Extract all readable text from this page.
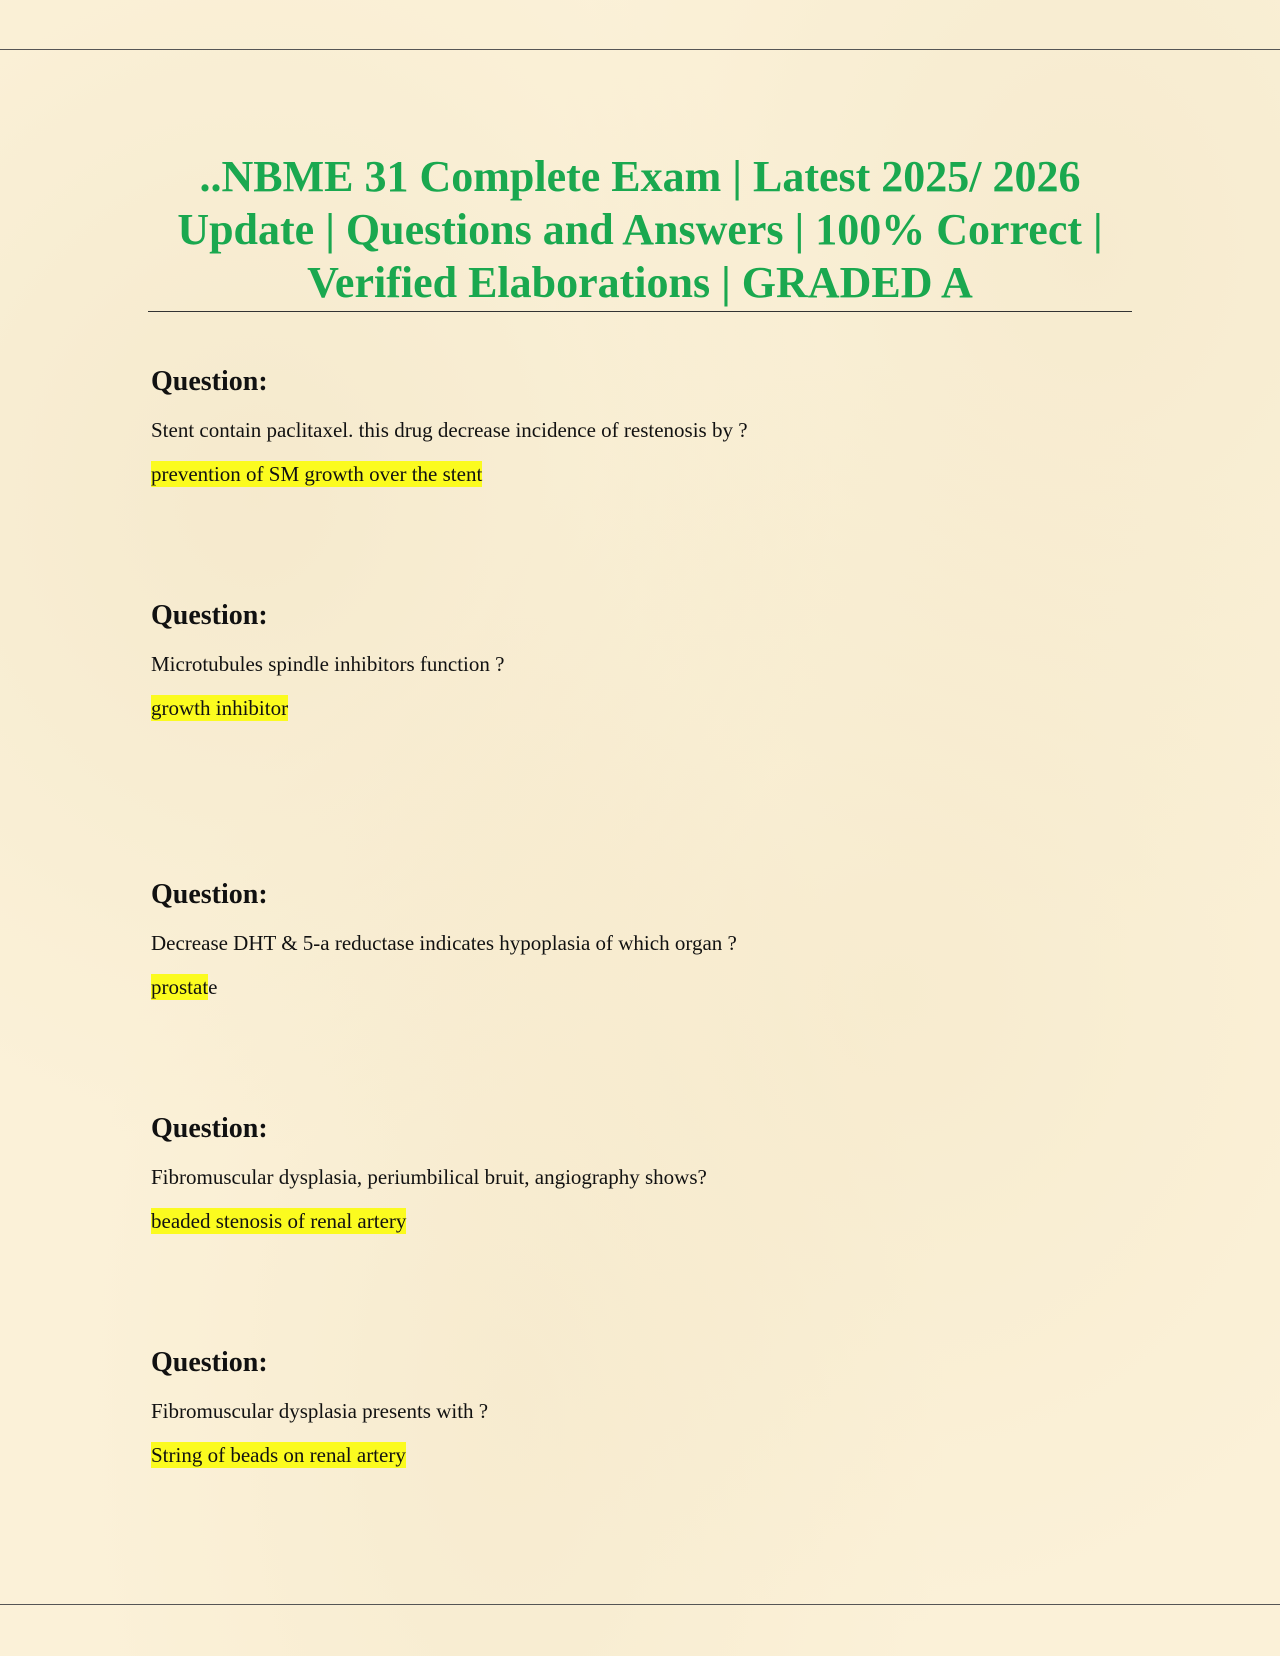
..NBME 31 Complete Exam | Latest 2025/ 2026 Update | Questions and Answers | 100% Correct | Verified Elaborations | GRADED A

Question:

Stent contain paclitaxel. this drug decrease incidence of restenosis by ?

prevention of SM growth over the stent

Question:

Microtubules spindle inhibitors function ?

growth inhibitor

Question:

Decrease DHT & 5-a reductase indicates hypoplasia of which organ ?

prostate

Question:

Fibromuscular dysplasia, periumbilical bruit, angiography shows?

beaded stenosis of renal artery

Question:

Fibromuscular dysplasia presents with ?

String of beads on renal artery
